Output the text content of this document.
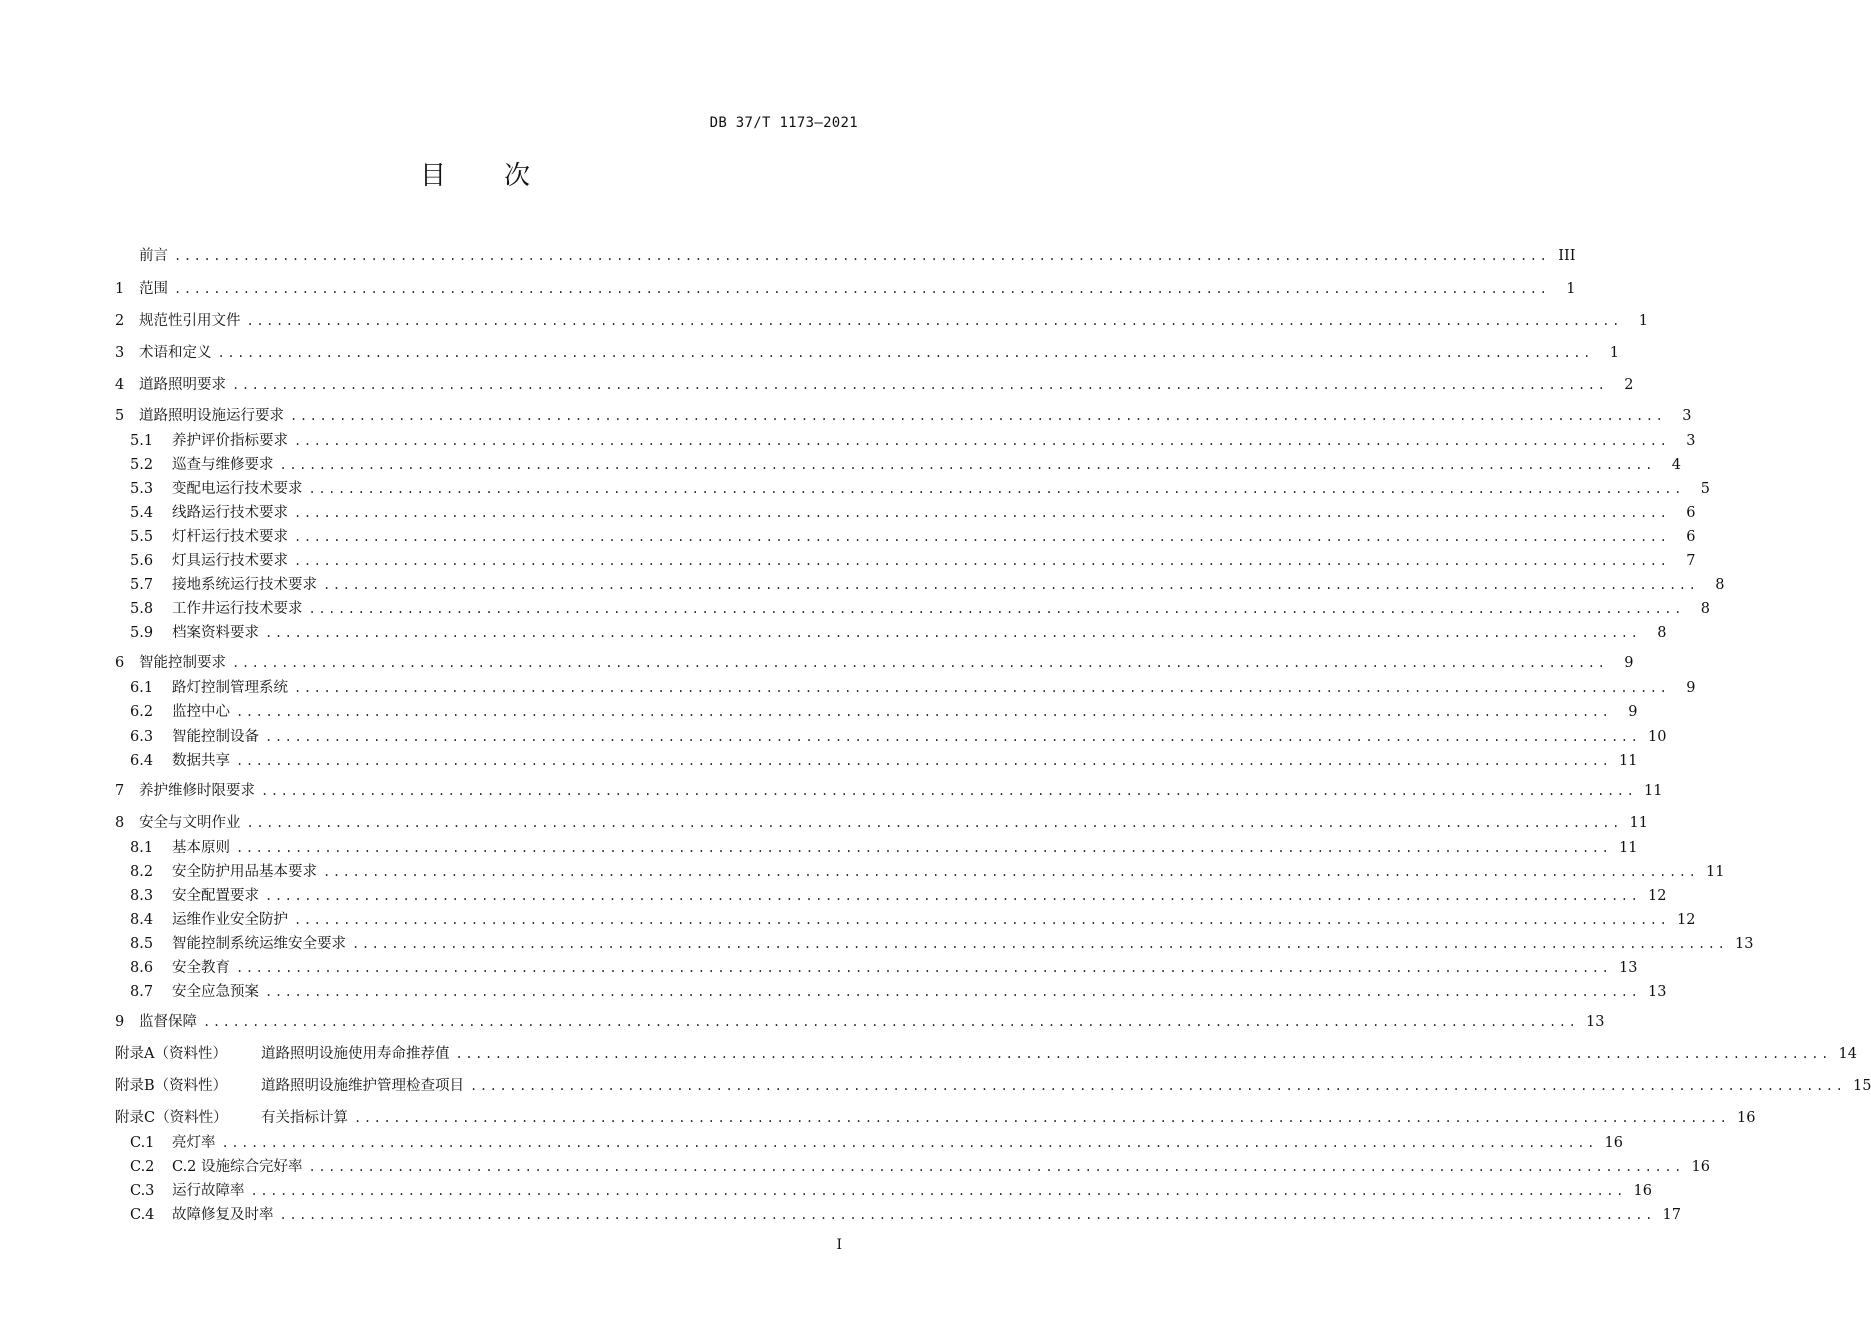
DB 37/T 1173—2021
目次
前言 ............................................................................................................................................ III
1	范围 ............................................................................................................................................	1
2	规范性引用文件 ............................................................................................................................................	1
3	术语和定义 ............................................................................................................................................	1
4	道路照明要求 ............................................................................................................................................	2
5	道路照明设施运行要求 ............................................................................................................................................	3
5.1	养护评价指标要求 ............................................................................................................................................	3
5.2	巡查与维修要求 ............................................................................................................................................	4
5.3	变配电运行技术要求 ............................................................................................................................................	5
5.4	线路运行技术要求 ............................................................................................................................................	6
5.5	灯杆运行技术要求 ............................................................................................................................................	6
5.6	灯具运行技术要求 ............................................................................................................................................	7
5.7	接地系统运行技术要求 ............................................................................................................................................	8
5.8	工作井运行技术要求 ............................................................................................................................................	8
5.9	档案资料要求 ............................................................................................................................................	8
6	智能控制要求 ............................................................................................................................................	9
6.1	路灯控制管理系统 ............................................................................................................................................	9
6.2	监控中心 ............................................................................................................................................	9
6.3	智能控制设备 ............................................................................................................................................ 10
6.4	数据共享 ............................................................................................................................................ 11
7	养护维修时限要求 ............................................................................................................................................ 11
8	安全与文明作业 ............................................................................................................................................ 11
8.1	基本原则 ............................................................................................................................................ 11
8.2	安全防护用品基本要求 ............................................................................................................................................ 11
8.3	安全配置要求 ............................................................................................................................................ 12
8.4	运维作业安全防护 ............................................................................................................................................ 12
8.5	智能控制系统运维安全要求 ............................................................................................................................................ 13
8.6	安全教育 ............................................................................................................................................ 13
8.7	安全应急预案 ............................................................................................................................................ 13
9	监督保障 ............................................................................................................................................ 13
附录A（资料性）	道路照明设施使用寿命推荐值 ............................................................................................................................................ 14
附录B（资料性）	道路照明设施维护管理检查项目 ............................................................................................................................................ 15
附录C（资料性）	有关指标计算 ............................................................................................................................................ 16
C.1	亮灯率 ............................................................................................................................................ 16
C.2	C.2 设施综合完好率 ............................................................................................................................................ 16
C.3	运行故障率 ............................................................................................................................................ 16
C.4	故障修复及时率 ............................................................................................................................................ 17
I
